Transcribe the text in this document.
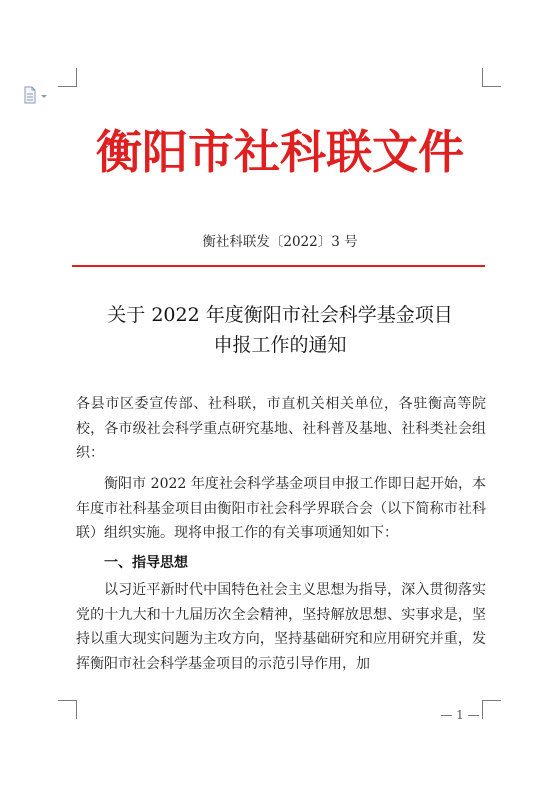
衡阳市社科联文件
衡社科联发〔2022〕3 号
关于 2022 年度衡阳市社会科学基金项目
申报工作的通知
各县市区委宣传部、社科联，市直机关相关单位，各驻衡高等院校，各市级社会科学重点研究基地、社科普及基地、社科类社会组织：
衡阳市 2022 年度社会科学基金项目申报工作即日起开始，本年度市社科基金项目由衡阳市社会科学界联合会（以下简称市社科联）组织实施。现将申报工作的有关事项通知如下：
一、指导思想
以习近平新时代中国特色社会主义思想为指导，深入贯彻落实党的十九大和十九届历次全会精神，坚持解放思想、实事求是，坚持以重大现实问题为主攻方向，坚持基础研究和应用研究并重，发挥衡阳市社会科学基金项目的示范引导作用，加
— 1 —
